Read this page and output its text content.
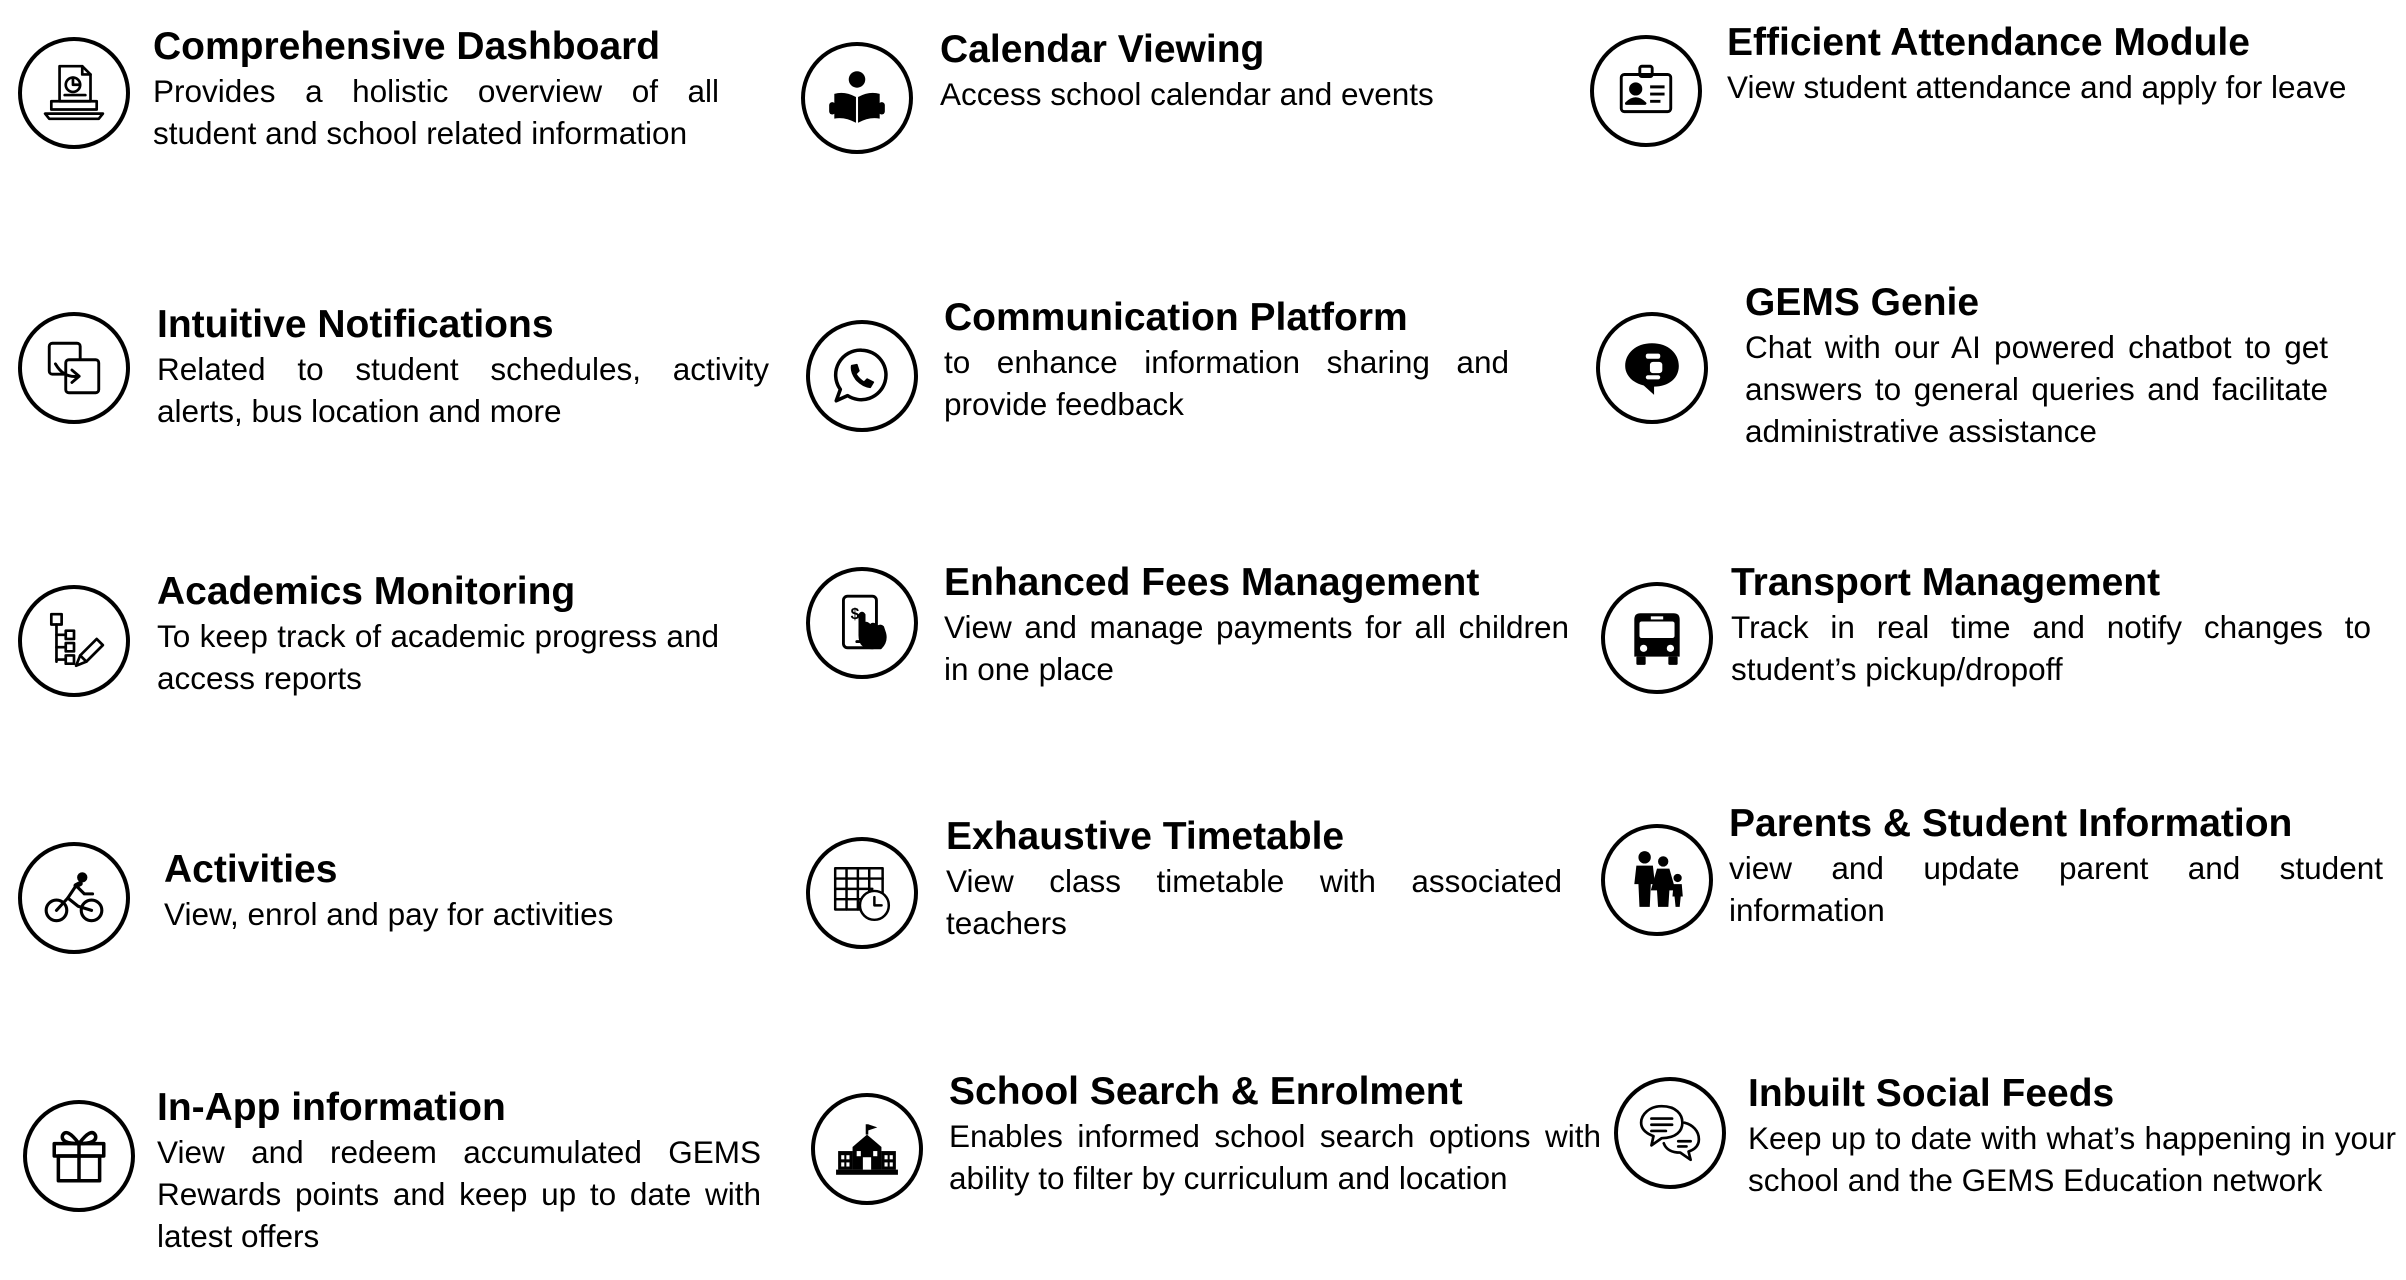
Comprehensive Dashboard
Provides a holistic overview of all student and school related information
Calendar Viewing
Access school calendar and events
Efficient Attendance Module
View student attendance and apply for leave
Intuitive Notifications
Related to student schedules, activity alerts, bus location and more
Communication Platform
to enhance information sharing and provide feedback
GEMS Genie
Chat with our AI powered chatbot to get answers to general queries and facilitate administrative assistance
Academics Monitoring
To keep track of academic progress and access reports
$
Enhanced Fees Management
View and manage payments for all children in one place
Transport Management
Track in real time and notify changes to student’s pickup/dropoff
Activities
View, enrol and pay for activities
Exhaustive Timetable
View class timetable with associated teachers
Parents & Student Information
view and update parent and student information
In-App information
View and redeem accumulated GEMS Rewards points and keep up to date with latest offers
School Search & Enrolment
Enables informed school search options with ability to filter by curriculum and location
Inbuilt Social Feeds
Keep up to date with what’s happening in your school and the GEMS Education network
